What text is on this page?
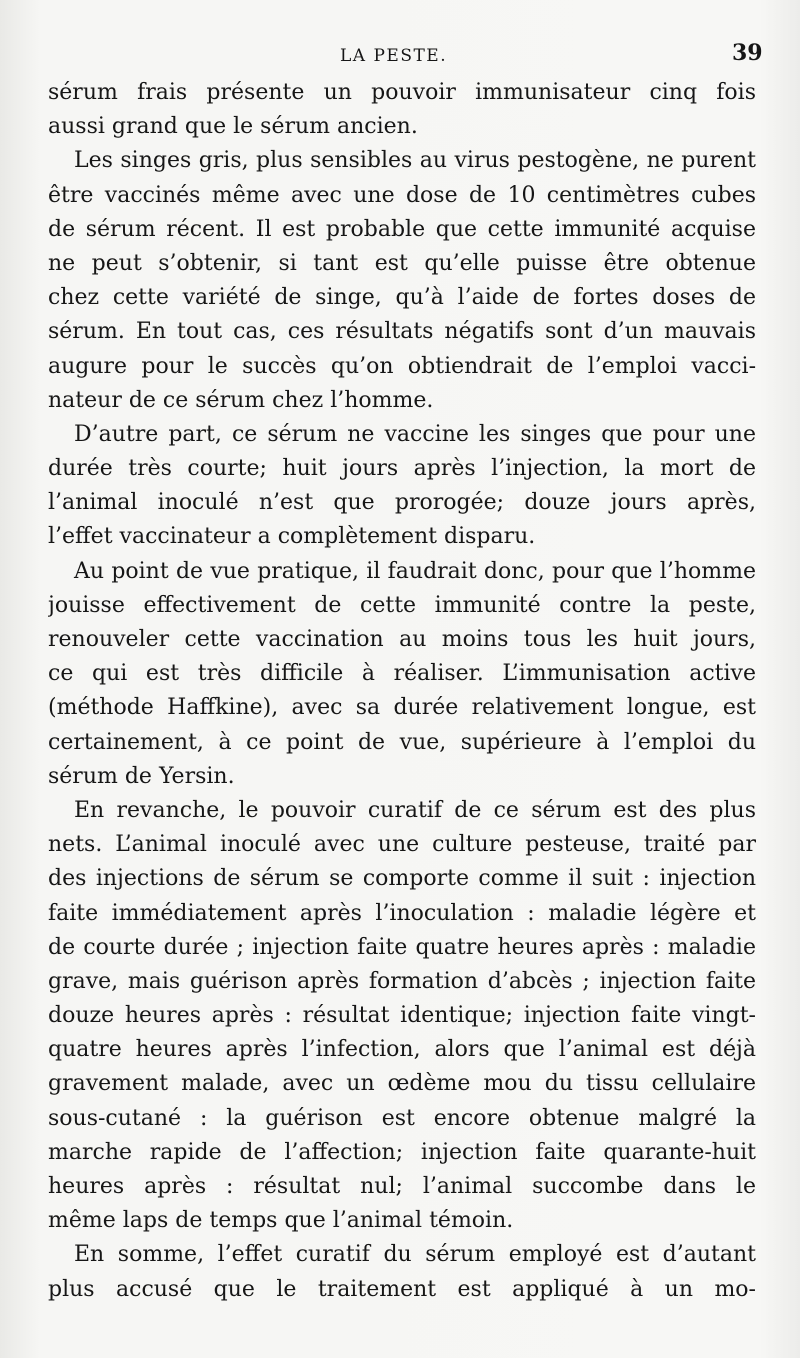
LA PESTE.	39
sérum frais présente un pouvoir immunisateur cinq fois
aussi grand que le sérum ancien.
Les singes gris, plus sensibles au virus pestogène, ne purent
être vaccinés même avec une dose de 10 centimètres cubes
de sérum récent. Il est probable que cette immunité acquise
ne peut s’obtenir, si tant est qu’elle puisse être obtenue
chez cette variété de singe, qu’à l’aide de fortes doses de
sérum. En tout cas, ces résultats négatifs sont d’un mauvais
augure pour le succès qu’on obtiendrait de l’emploi vacci-
nateur de ce sérum chez l’homme.
D’autre part, ce sérum ne vaccine les singes que pour une
durée très courte; huit jours après l’injection, la mort de
l’animal inoculé n’est que prorogée; douze jours après,
l’effet vaccinateur a complètement disparu.
Au point de vue pratique, il faudrait donc, pour que l’homme
jouisse effectivement de cette immunité contre la peste,
renouveler cette vaccination au moins tous les huit jours,
ce qui est très difficile à réaliser. L’immunisation active
(méthode Haffkine), avec sa durée relativement longue, est
certainement, à ce point de vue, supérieure à l’emploi du
sérum de Yersin.
En revanche, le pouvoir curatif de ce sérum est des plus
nets. L’animal inoculé avec une culture pesteuse, traité par
des injections de sérum se comporte comme il suit : injection
faite immédiatement après l’inoculation : maladie légère et
de courte durée ; injection faite quatre heures après : maladie
grave, mais guérison après formation d’abcès ; injection faite
douze heures après : résultat identique; injection faite vingt-
quatre heures après l’infection, alors que l’animal est déjà
gravement malade, avec un œdème mou du tissu cellulaire
sous-cutané : la guérison est encore obtenue malgré la
marche rapide de l’affection; injection faite quarante-huit
heures après : résultat nul; l’animal succombe dans le
même laps de temps que l’animal témoin.
En somme, l’effet curatif du sérum employé est d’autant
plus accusé que le traitement est appliqué à un mo-
